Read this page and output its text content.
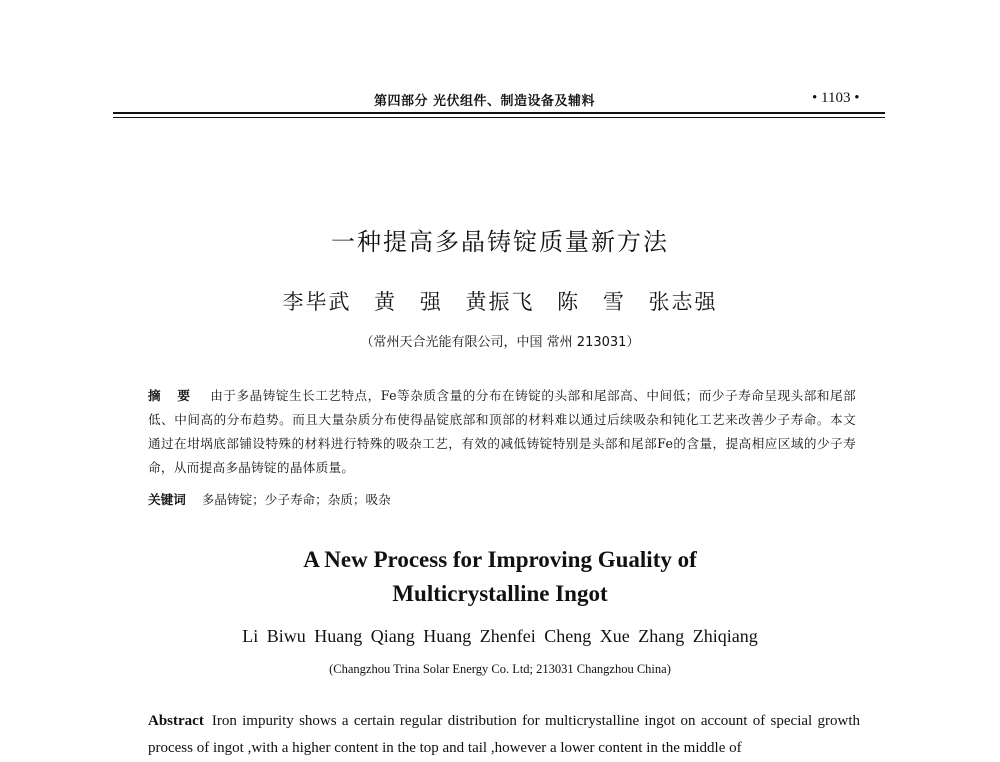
第四部分 光伏组件、制造设备及辅料	• 1103 •
一种提高多晶铸锭质量新方法
李毕武 黄 强 黄振飞 陈 雪 张志强
（常州天合光能有限公司，中国 常州 213031）
摘 要 由于多晶铸锭生长工艺特点，Fe等杂质含量的分布在铸锭的头部和尾部高、中间低；而少子寿命呈现头部和尾部低、中间高的分布趋势。而且大量杂质分布使得晶锭底部和顶部的材料难以通过后续吸杂和钝化工艺来改善少子寿命。本文通过在坩埚底部铺设特殊的材料进行特殊的吸杂工艺，有效的减低铸锭特别是头部和尾部Fe的含量，提高相应区域的少子寿命，从而提高多晶铸锭的晶体质量。
关键词 多晶铸锭；少子寿命；杂质；吸杂
A New Process for Improving Guality of
Multicrystalline Ingot
Li Biwu Huang Qiang Huang Zhenfei Cheng Xue Zhang Zhiqiang
(Changzhou Trina Solar Energy Co. Ltd; 213031 Changzhou China)
Abstract Iron impurity shows a certain regular distribution for multicrystalline ingot on account of special growth process of ingot ,with a higher content in the top and tail ,however a lower content in the middle of
